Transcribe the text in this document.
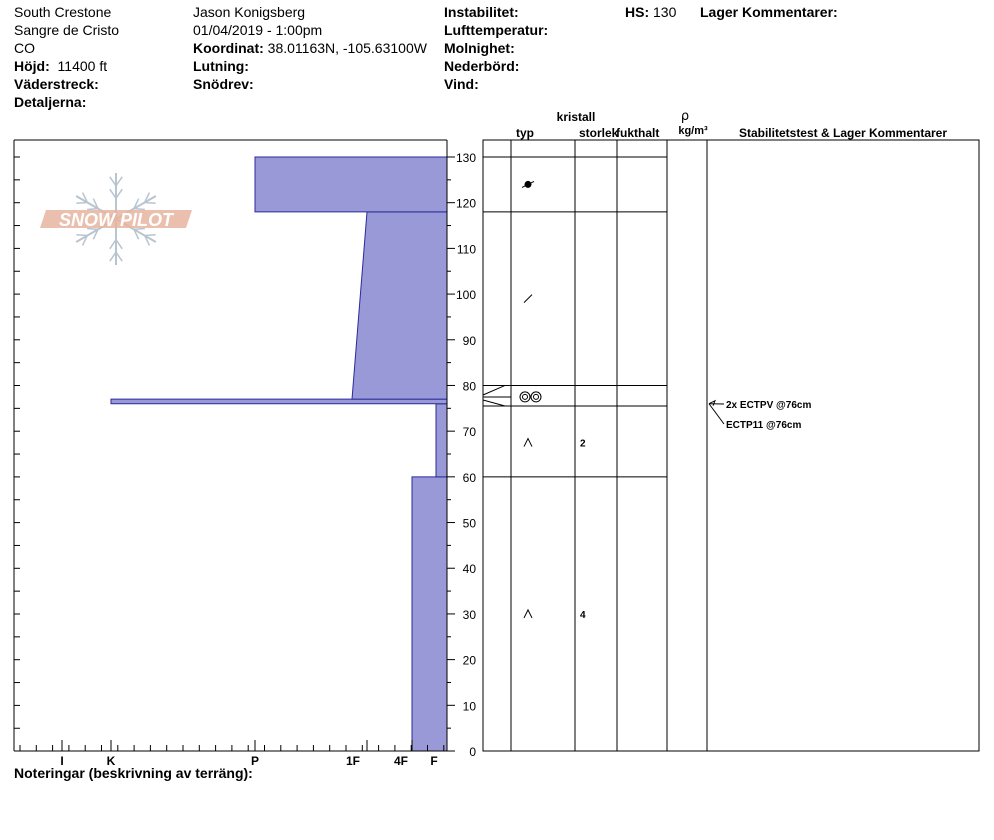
South Crestone
Sangre de Cristo
CO
Höjd: 11400 ft
Väderstreck:
Detaljerna:
Jason Konigsberg
01/04/2019 - 1:00pm
Koordinat: 38.01163N, -105.63100W
Lutning:
Snödrev:
Instabilitet:
Lufttemperatur:
Molnighet:
Nederbörd:
Vind:
HS: 130 Lager Kommentarer:
SNOW PILOT
I	K	P	1F	4F F
0
10
20
30
40
50
60
70
80
90
100
110
120
130
2
4
2x ECTPV @76cm
ECTP11 @76cm
typ
kristall
storlek
fukthalt
ρ
kg/m³	Stabilitetstest & Lager Kommentarer
Noteringar (beskrivning av terräng):
